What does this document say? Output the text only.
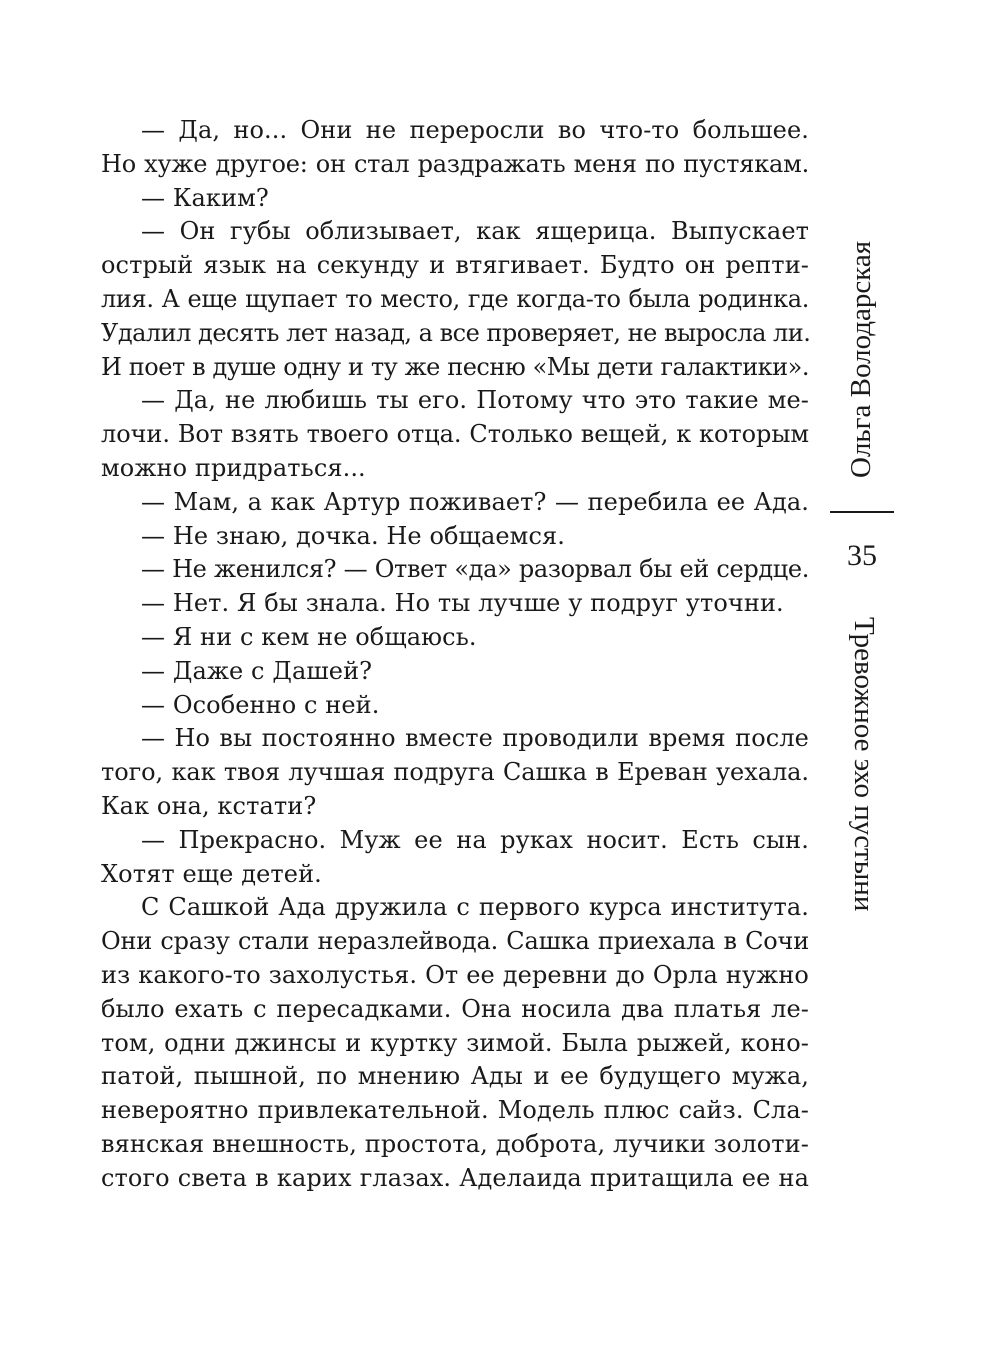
— Да, но... Они не переросли во что-то большее.
Но хуже другое: он стал раздражать меня по пустякам.
— Каким?
— Он губы облизывает, как ящерица. Выпускает
острый язык на секунду и втягивает. Будто он репти-
лия. А еще щупает то место, где когда-то была родинка.
Удалил десять лет назад, а все проверяет, не выросла ли.
И поет в душе одну и ту же песню «Мы дети галактики».
— Да, не любишь ты его. Потому что это такие ме-
лочи. Вот взять твоего отца. Столько вещей, к которым
можно придраться...
— Мам, а как Артур поживает? — перебила ее Ада.
— Не знаю, дочка. Не общаемся.
— Не женился? — Ответ «да» разорвал бы ей сердце.
— Нет. Я бы знала. Но ты лучше у подруг уточни.
— Я ни с кем не общаюсь.
— Даже с Дашей?
— Особенно с ней.
— Но вы постоянно вместе проводили время после
того, как твоя лучшая подруга Сашка в Ереван уехала.
Как она, кстати?
— Прекрасно. Муж ее на руках носит. Есть сын.
Хотят еще детей.
С Сашкой Ада дружила с первого курса института.
Они сразу стали неразлейвода. Сашка приехала в Сочи
из какого-то захолустья. От ее деревни до Орла нужно
было ехать с пересадками. Она носила два платья ле-
том, одни джинсы и куртку зимой. Была рыжей, коно-
патой, пышной, по мнению Ады и ее будущего мужа,
невероятно привлекательной. Модель плюс сайз. Сла-
вянская внешность, простота, доброта, лучики золоти-
стого света в карих глазах. Аделаида притащила ее на
Ольга Володарская
35
Тревожное эхо пустыни
